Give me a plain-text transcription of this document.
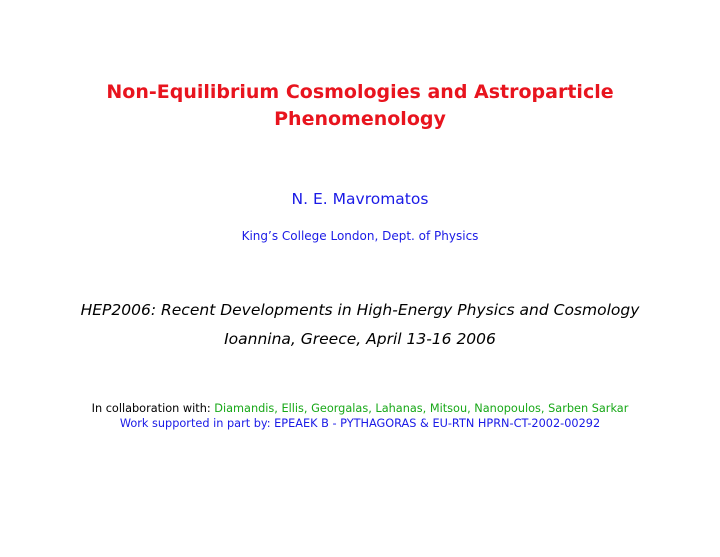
Non-Equilibrium Cosmologies and Astroparticle
Phenomenology
N. E. Mavromatos
King’s College London, Dept. of Physics
HEP2006: Recent Developments in High-Energy Physics and Cosmology
Ioannina, Greece, April 13-16 2006
In collaboration with: Diamandis, Ellis, Georgalas, Lahanas, Mitsou, Nanopoulos, Sarben Sarkar
Work supported in part by: EPEAEK B - PYTHAGORAS & EU-RTN HPRN-CT-2002-00292
